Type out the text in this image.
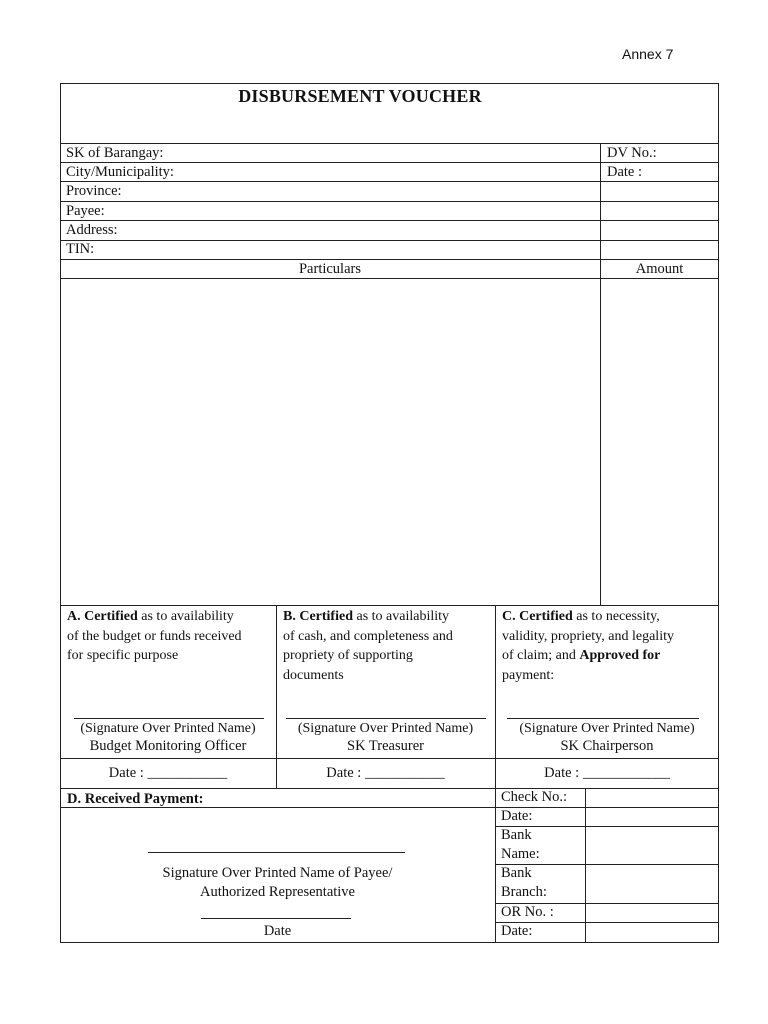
Annex 7
DISBURSEMENT VOUCHER
SK of Barangay:
City/Municipality:
Province:
Payee:
Address:
TIN:
DV No.:
Date :
Particulars	Amount
A. Certified as to availability
of the budget or funds received
for specific purpose
(Signature Over Printed Name)
Budget Monitoring Officer
Date : ___________
B. Certified as to availability
of cash, and completeness and
propriety of supporting
documents
(Signature Over Printed Name)
SK Treasurer
Date : ___________
C. Certified as to necessity,
validity, propriety, and legality
of claim; and Approved for
payment:
(Signature Over Printed Name)
SK Chairperson
Date : ____________
D. Received Payment:
Signature Over Printed Name of Payee/
Authorized Representative
Date
Check No.:
Date:
Bank
Name:
Bank
Branch:
OR No. :
Date:
